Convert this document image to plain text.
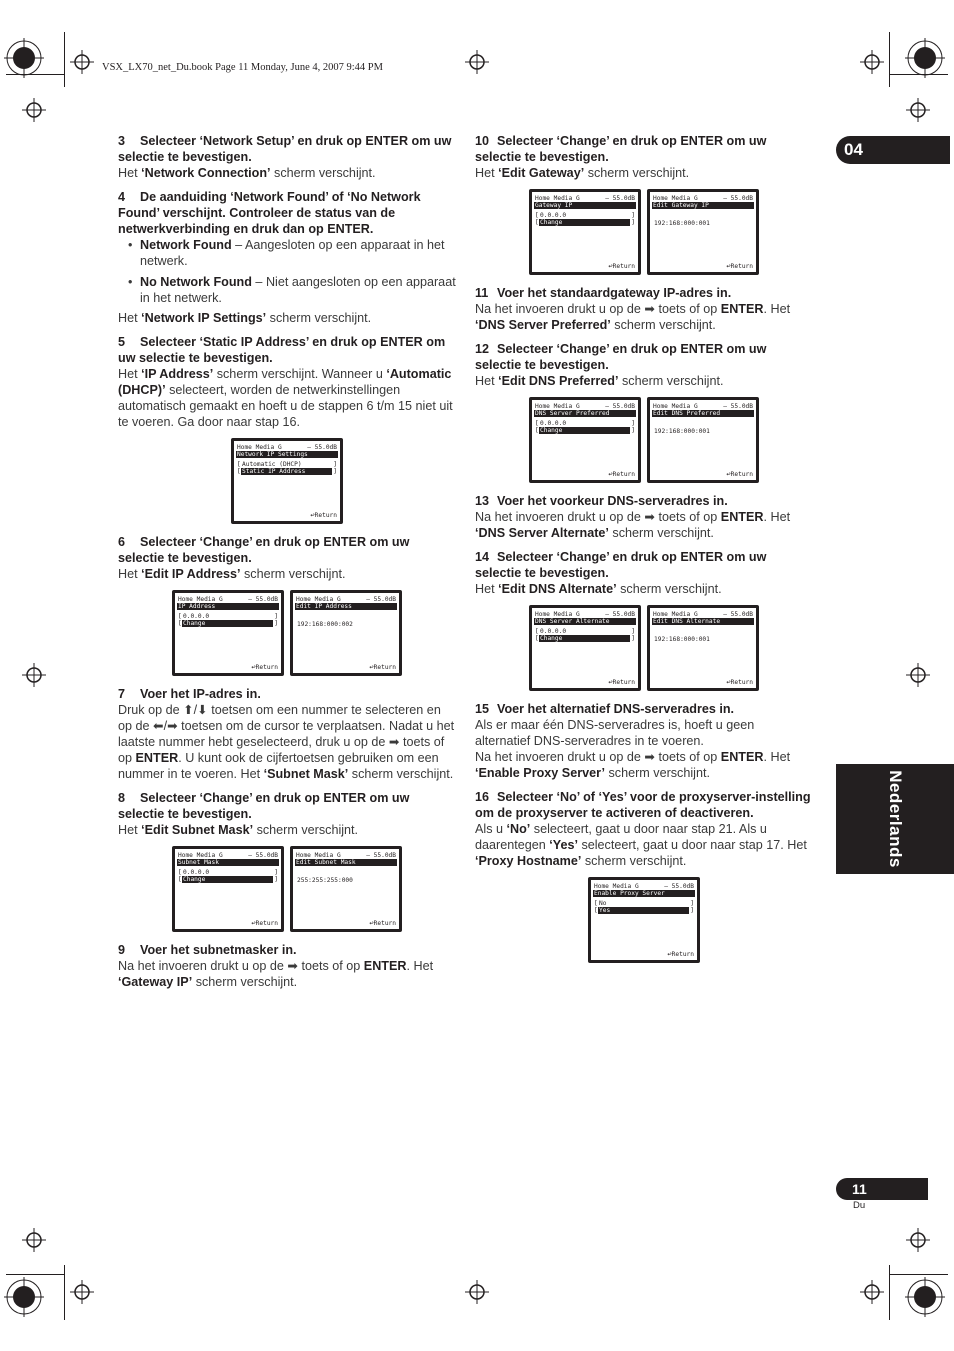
VSX_LX70_net_Du.book Page 11 Monday, June 4, 2007 9:44 PM
04
Nederlands
11
Du

3 Selecteer ‘Network Setup’ en druk op ENTER om uw selectie te bevestigen.

Het ‘Network Connection’ scherm verschijnt.

4 De aanduiding ‘Network Found’ of ‘No Network Found’ verschijnt. Controleer de status van de netwerkverbinding en druk dan op ENTER.

• Network Found – Aangesloten op een apparaat in het netwerk.
• No Network Found – Niet aangesloten op een apparaat in het netwerk.

Het ‘Network IP Settings’ scherm verschijnt.

5 Selecteer ‘Static IP Address’ en druk op ENTER om uw selectie te bevestigen.

Het ‘IP Address’ scherm verschijnt. Wanneer u ‘Automatic (DHCP)’ selecteert, worden de netwerkinstellingen automatisch gemaakt en hoeft u de stappen 6 t/m 15 niet uit te voeren. Ga door naar stap 16.

Home Media G	– 55.0dB
Network IP Settings
[ Automatic (DHCP)	]
[ Static IP Address	]
↩Return

6 Selecteer ‘Change’ en druk op ENTER om uw selectie te bevestigen.

Het ‘Edit IP Address’ scherm verschijnt.

Home Media G	– 55.0dB
IP Address
[ 0.0.0.0	]
[ Change	]
↩Return
Home Media G	– 55.0dB
Edit IP Address
192:168:000:002
↩Return

7 Voer het IP-adres in.

Druk op de ⬆/⬇ toetsen om een nummer te selecteren en op de ⬅/➡ toetsen om de cursor te verplaatsen. Nadat u het laatste nummer hebt geselecteerd, druk u op de ➡ toets of op ENTER. U kunt ook de cijfertoetsen gebruiken om een nummer in te voeren. Het ‘Subnet Mask’ scherm verschijnt.

8 Selecteer ‘Change’ en druk op ENTER om uw selectie te bevestigen.

Het ‘Edit Subnet Mask’ scherm verschijnt.

Home Media G	– 55.0dB
Subnet Mask
[ 0.0.0.0	]
[ Change	]
↩Return
Home Media G	– 55.0dB
Edit Subnet Mask
255:255:255:000
↩Return

9 Voer het subnetmasker in.

Na het invoeren drukt u op de ➡ toets of op ENTER. Het ‘Gateway IP’ scherm verschijnt.

10 Selecteer ‘Change’ en druk op ENTER om uw selectie te bevestigen.

Het ‘Edit Gateway’ scherm verschijnt.

Home Media G	– 55.0dB
Gateway IP
[ 0.0.0.0	]
[ Change	]
↩Return
Home Media G	– 55.0dB
Edit Gateway IP
192:168:000:001
↩Return

11 Voer het standaardgateway IP-adres in.

Na het invoeren drukt u op de ➡ toets of op ENTER. Het ‘DNS Server Preferred’ scherm verschijnt.

12 Selecteer ‘Change’ en druk op ENTER om uw selectie te bevestigen.

Het ‘Edit DNS Preferred’ scherm verschijnt.

Home Media G	– 55.0dB
DNS Server Preferred
[ 0.0.0.0	]
[ Change	]
↩Return
Home Media G	– 55.0dB
Edit DNS Preferred
192:168:000:001
↩Return

13 Voer het voorkeur DNS-serveradres in.

Na het invoeren drukt u op de ➡ toets of op ENTER. Het ‘DNS Server Alternate’ scherm verschijnt.

14 Selecteer ‘Change’ en druk op ENTER om uw selectie te bevestigen.

Het ‘Edit DNS Alternate’ scherm verschijnt.

Home Media G	– 55.0dB
DNS Server Alternate
[ 0.0.0.0	]
[ Change	]
↩Return
Home Media G	– 55.0dB
Edit DNS Alternate
192:168:000:001
↩Return

15 Voer het alternatief DNS-serveradres in.

Als er maar één DNS-serveradres is, hoeft u geen alternatief DNS-serveradres in te voeren.

Na het invoeren drukt u op de ➡ toets of op ENTER. Het ‘Enable Proxy Server’ scherm verschijnt.

16 Selecteer ‘No’ of ‘Yes’ voor de proxyserver-instelling om de proxyserver te activeren of deactiveren.

Als u ‘No’ selecteert, gaat u door naar stap 21. Als u daarentegen ‘Yes’ selecteert, gaat u door naar stap 17. Het ‘Proxy Hostname’ scherm verschijnt.

Home Media G	– 55.0dB
Enable Proxy Server
[ No	]
[ Yes	]
↩Return
